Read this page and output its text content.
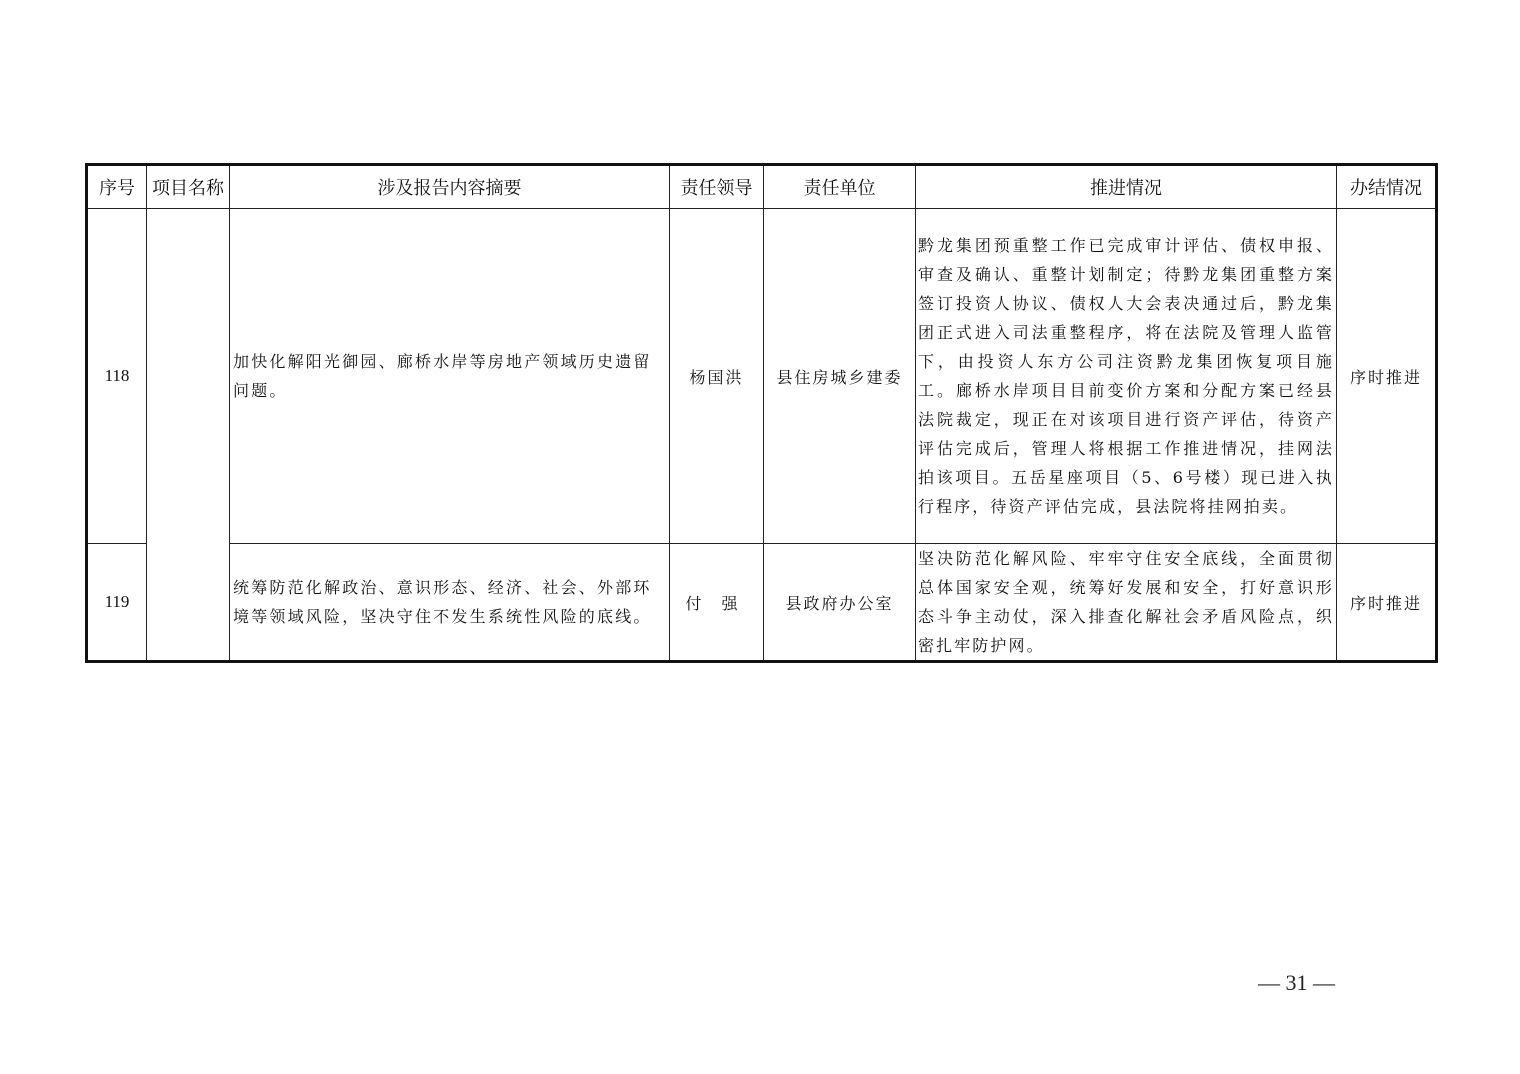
序号	项目名称	涉及报告内容摘要	责任领导	责任单位	推进情况	办结情况
118		加快化解阳光御园、廊桥水岸等房地产领域历史遗留问题。	杨国洪	县住房城乡建委	黔龙集团预重整工作已完成审计评估、债权申报、审查及确认、重整计划制定；待黔龙集团重整方案签订投资人协议、债权人大会表决通过后，黔龙集团正式进入司法重整程序，将在法院及管理人监管下，由投资人东方公司注资黔龙集团恢复项目施工。廊桥水岸项目目前变价方案和分配方案已经县法院裁定，现正在对该项目进行资产评估，待资产评估完成后，管理人将根据工作推进情况，挂网法拍该项目。五岳星座项目（5、6号楼）现已进入执行程序，待资产评估完成，县法院将挂网拍卖。	序时推进
119		统筹防范化解政治、意识形态、经济、社会、外部环境等领域风险，坚决守住不发生系统性风险的底线。	付强	县政府办公室	坚决防范化解风险、牢牢守住安全底线，全面贯彻总体国家安全观，统筹好发展和安全，打好意识形态斗争主动仗，深入排查化解社会矛盾风险点，织密扎牢防护网。	序时推进
— 31 —
